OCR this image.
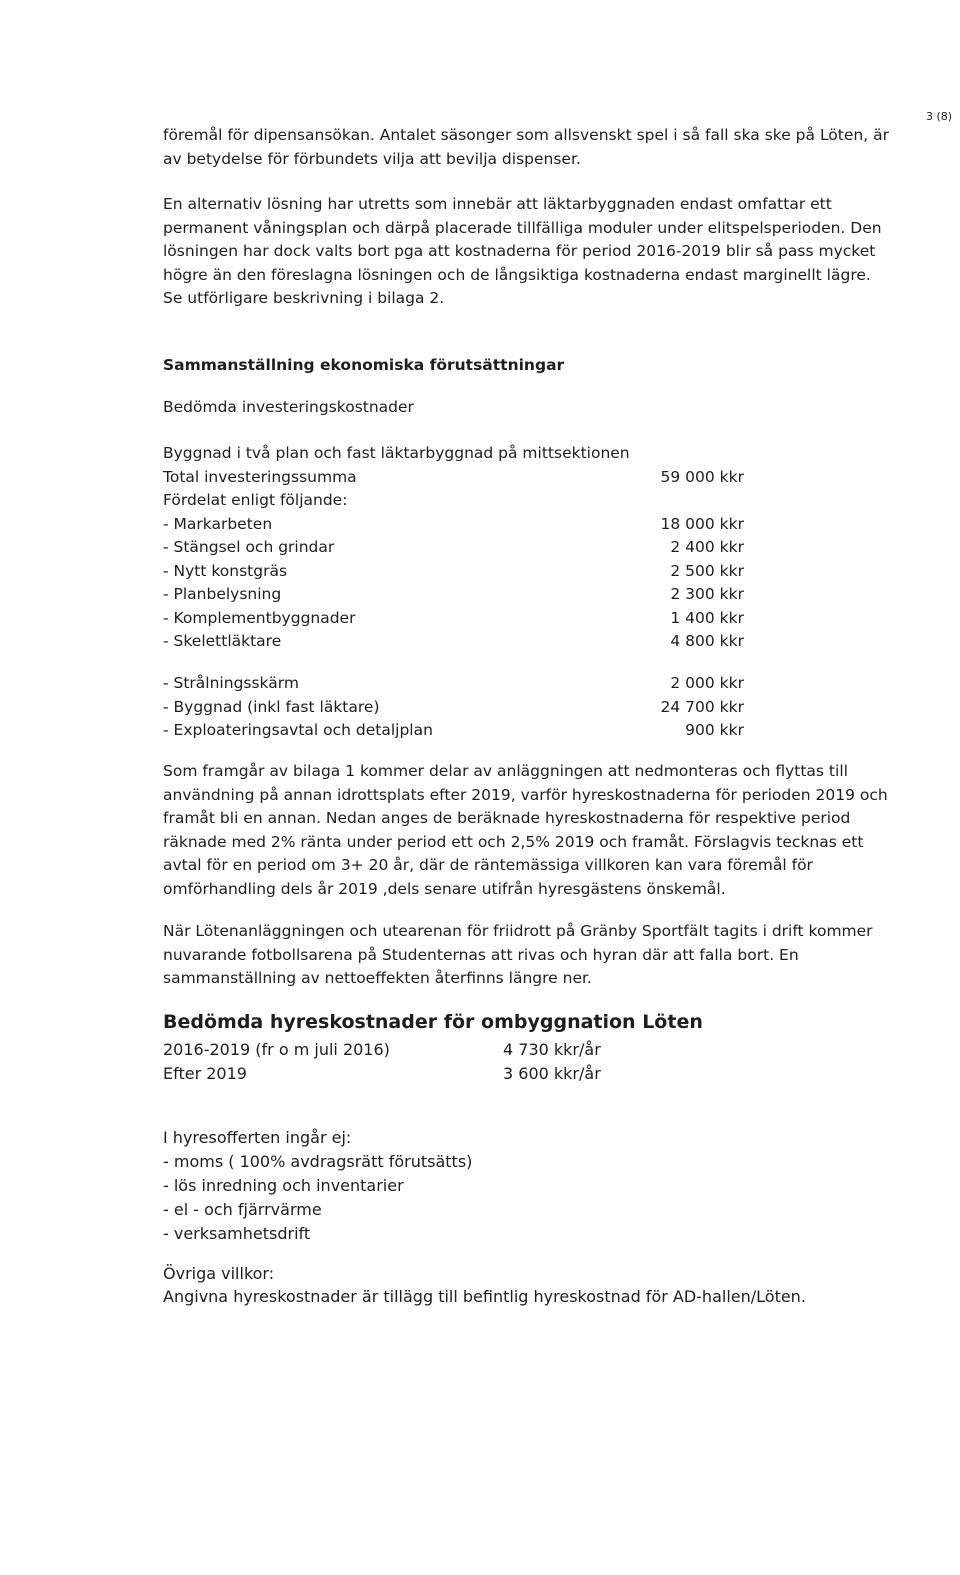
3 (8)
föremål för dipensansökan. Antalet säsonger som allsvenskt spel i så fall ska ske på Löten, är
av betydelse för förbundets vilja att bevilja dispenser.
En alternativ lösning har utretts som innebär att läktarbyggnaden endast omfattar ett
permanent våningsplan och därpå placerade tillfälliga moduler under elitspelsperioden. Den
lösningen har dock valts bort pga att kostnaderna för period 2016-2019 blir så pass mycket
högre än den föreslagna lösningen och de långsiktiga kostnaderna endast marginellt lägre.
Se utförligare beskrivning i bilaga 2.
Sammanställning ekonomiska förutsättningar
Bedömda investeringskostnader
Byggnad i två plan och fast läktarbyggnad på mittsektionen
Total investeringssumma	59 000 kkr
Fördelat enligt följande:
- Markarbeten	18 000 kkr
- Stängsel och grindar	2 400 kkr
- Nytt konstgräs	2 500 kkr
- Planbelysning	2 300 kkr
- Komplementbyggnader	1 400 kkr
- Skelettläktare	4 800 kkr
- Strålningsskärm	2 000 kkr
- Byggnad (inkl fast läktare)	24 700 kkr
- Exploateringsavtal och detaljplan	900 kkr
Som framgår av bilaga 1 kommer delar av anläggningen att nedmonteras och flyttas till
användning på annan idrottsplats efter 2019, varför hyreskostnaderna för perioden 2019 och
framåt bli en annan. Nedan anges de beräknade hyreskostnaderna för respektive period
räknade med 2% ränta under period ett och 2,5% 2019 och framåt. Förslagvis tecknas ett
avtal för en period om 3+ 20 år, där de räntemässiga villkoren kan vara föremål för
omförhandling dels år 2019 ,dels senare utifrån hyresgästens önskemål.
När Lötenanläggningen och utearenan för friidrott på Gränby Sportfält tagits i drift kommer
nuvarande fotbollsarena på Studenternas att rivas och hyran där att falla bort. En
sammanställning av nettoeffekten återfinns längre ner.
Bedömda hyreskostnader för ombyggnation Löten
2016-2019 (fr o m juli 2016)	4 730 kkr/år
Efter 2019	3 600 kkr/år
I hyresofferten ingår ej:
- moms ( 100% avdragsrätt förutsätts)
- lös inredning och inventarier
- el - och fjärrvärme
- verksamhetsdrift
Övriga villkor:
Angivna hyreskostnader är tillägg till befintlig hyreskostnad för AD-hallen/Löten.
